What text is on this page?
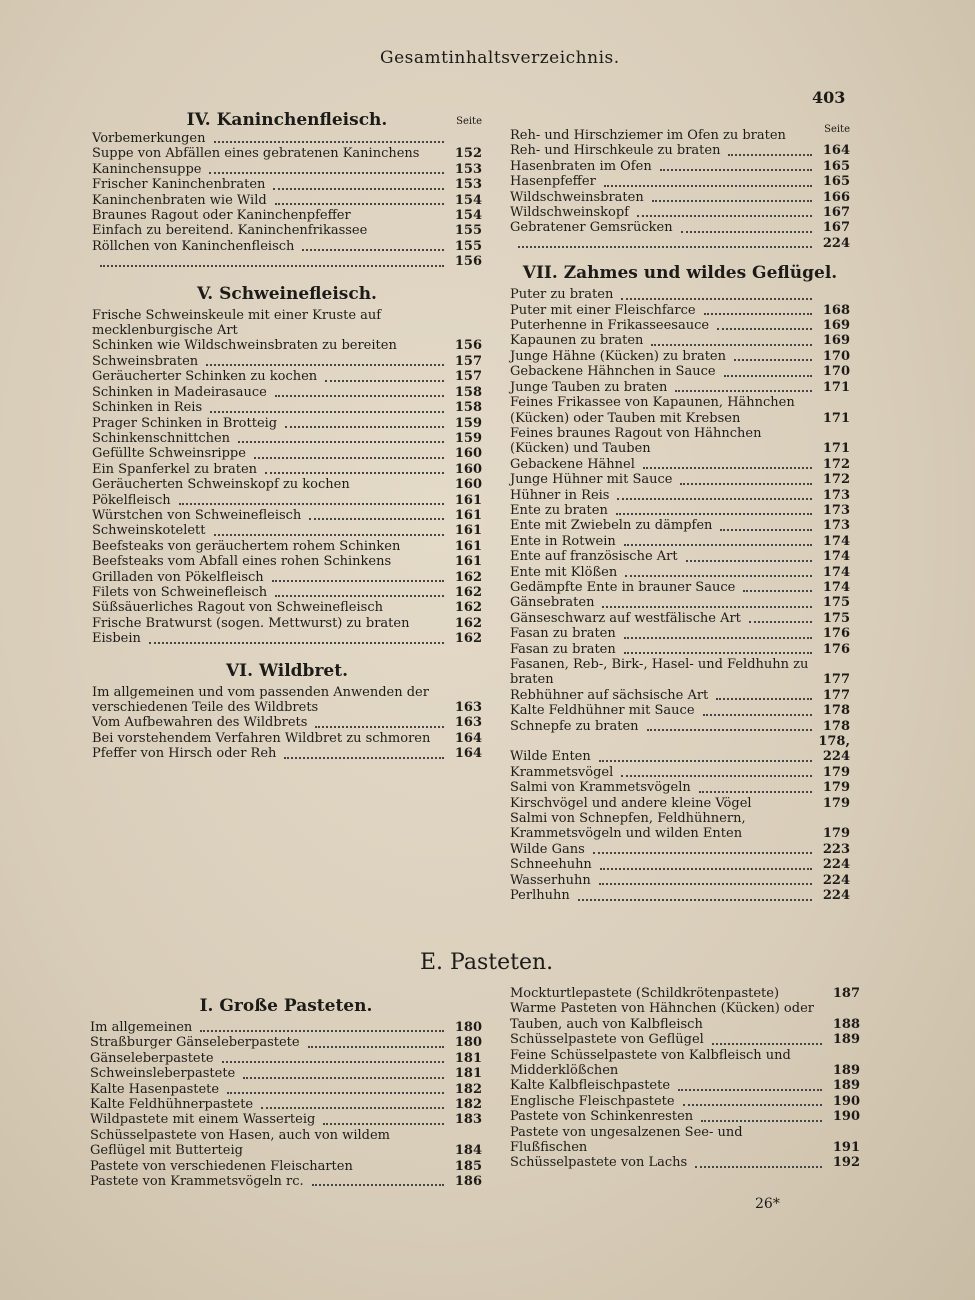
Gesamtinhaltsverzeichnis.
403
IV. Kaninchenfleisch.	Seite
Vorbemerkungen
Suppe von Abfällen eines gebratenen Kaninchens	152
Kaninchensuppe	153
Frischer Kaninchenbraten	153
Kaninchenbraten wie Wild	154
Braunes Ragout oder Kaninchenpfeffer	154
Einfach zu bereitend. Kaninchenfrikassee	155
Röllchen von Kaninchenfleisch	155
156
V. Schweinefleisch.
Frische Schweinskeule mit einer Kruste auf mecklenburgische Art
Schinken wie Wildschweinsbraten zu bereiten	156
Schweinsbraten	157
Geräucherter Schinken zu kochen	157
Schinken in Madeirasauce	158
Schinken in Reis	158
Prager Schinken in Brotteig	159
Schinkenschnittchen	159
Gefüllte Schweinsrippe	160
Ein Spanferkel zu braten	160
Geräucherten Schweinskopf zu kochen	160
Pökelfleisch	161
Würstchen von Schweinefleisch	161
Schweinskotelett	161
Beefsteaks von geräuchertem rohem Schinken	161
Beefsteaks vom Abfall eines rohen Schinkens	161
Grilladen von Pökelfleisch	162
Filets von Schweinefleisch	162
Süßsäuerliches Ragout von Schweinefleisch	162
Frische Bratwurst (sogen. Mettwurst) zu braten	162
Eisbein	162
VI. Wildbret.
Im allgemeinen und vom passenden Anwenden der verschiedenen Teile des Wildbrets	163
Vom Aufbewahren des Wildbrets	163
Bei vorstehendem Verfahren Wildbret zu schmoren	164
Pfeffer von Hirsch oder Reh	164
Seite
Reh- und Hirschziemer im Ofen zu braten
Reh- und Hirschkeule zu braten	164
Hasenbraten im Ofen	165
Hasenpfeffer	165
Wildschweinsbraten	166
Wildschweinskopf	167
Gebratener Gemsrücken	167
224
VII. Zahmes und wildes Geflügel.
Puter zu braten
Puter mit einer Fleischfarce	168
Puterhenne in Frikasseesauce	169
Kapaunen zu braten	169
Junge Hähne (Kücken) zu braten	170
Gebackene Hähnchen in Sauce	170
Junge Tauben zu braten	171
Feines Frikassee von Kapaunen, Hähnchen (Kücken) oder Tauben mit Krebsen	171
Feines braunes Ragout von Hähnchen (Kücken) und Tauben	171
Gebackene Hähnel	172
Junge Hühner mit Sauce	172
Hühner in Reis	173
Ente zu braten	173
Ente mit Zwiebeln zu dämpfen	173
Ente in Rotwein	174
Ente auf französische Art	174
Ente mit Klößen	174
Gedämpfte Ente in brauner Sauce	174
Gänsebraten	175
Gänseschwarz auf westfälische Art	175
Fasan zu braten	176
Fasan zu braten	176
Fasanen, Reb-, Birk-, Hasel- und Feldhuhn zu braten	177
Rebhühner auf sächsische Art	177
Kalte Feldhühner mit Sauce	178
Schnepfe zu braten	178
Wilde Enten
178, 224
Krammetsvögel	179
Salmi von Krammetsvögeln	179
Kirschvögel und andere kleine Vögel	179
Salmi von Schnepfen, Feldhühnern, Krammetsvögeln und wilden Enten	179
Wilde Gans	223
Schneehuhn	224
Wasserhuhn	224
Perlhuhn	224
E. Pasteten.
I. Große Pasteten.
Im allgemeinen	180
Straßburger Gänseleberpastete	180
Gänseleberpastete	181
Schweinsleberpastete	181
Kalte Hasenpastete	182
Kalte Feldhühnerpastete	182
Wildpastete mit einem Wasserteig	183
Schüsselpastete von Hasen, auch von wildem Geflügel mit Butterteig	184
Pastete von verschiedenen Fleischarten	185
Pastete von Krammetsvögeln rc.	186
Mockturtlepastete (Schildkrötenpastete)	187
Warme Pasteten von Hähnchen (Kücken) oder Tauben, auch von Kalbfleisch	188
Schüsselpastete von Geflügel	189
Feine Schüsselpastete von Kalbfleisch und Midderklößchen	189
Kalte Kalbfleischpastete	189
Englische Fleischpastete	190
Pastete von Schinkenresten	190
Pastete von ungesalzenen See- und Flußfischen	191
Schüsselpastete von Lachs	192
26*
